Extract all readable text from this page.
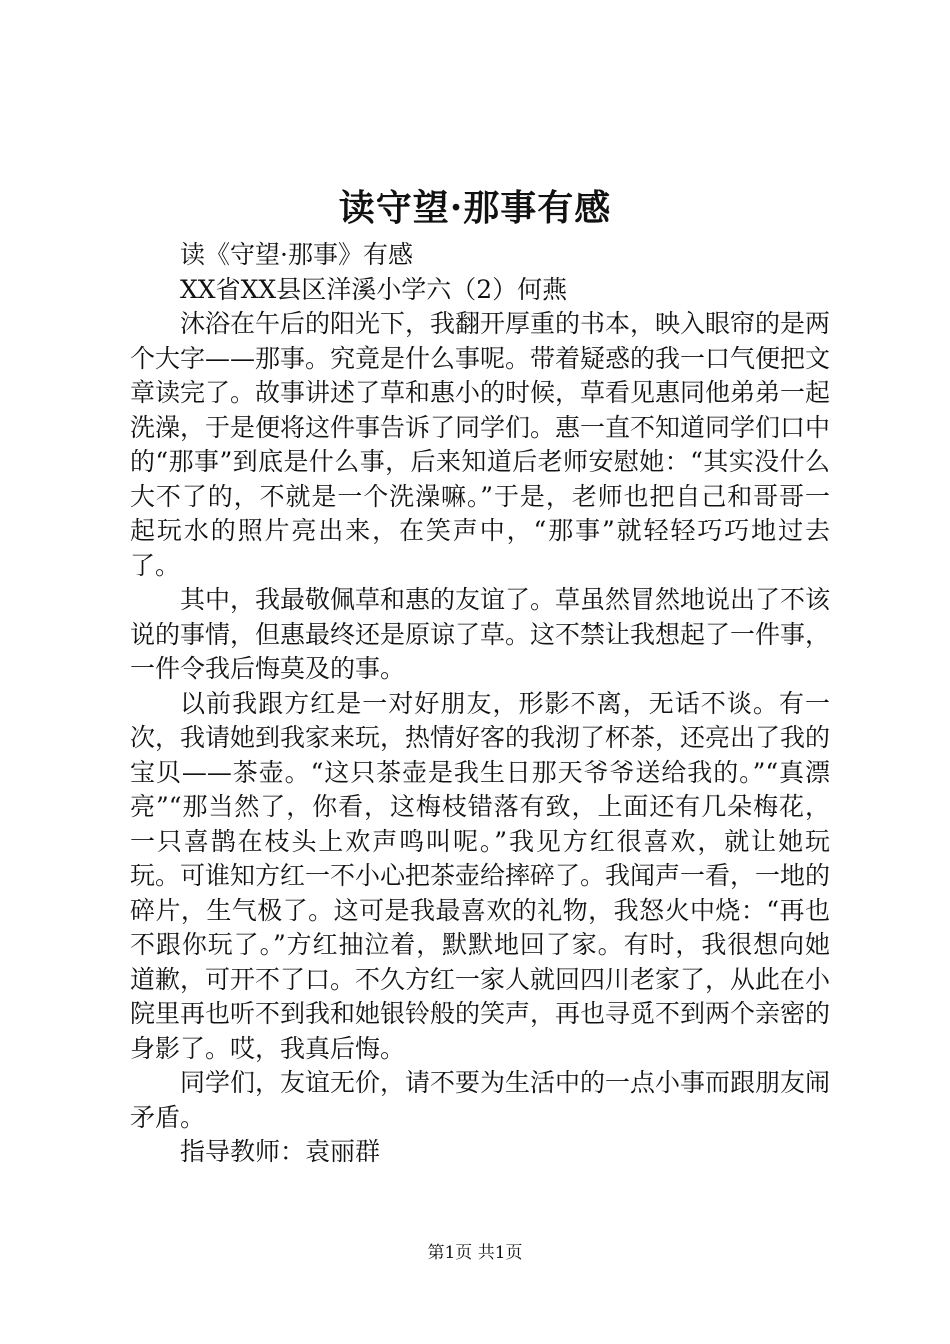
读守望·那事有感

读《守望·那事》有感

XX省XX县区洋溪小学六（2）何燕

沐浴在午后的阳光下，我翻开厚重的书本，映入眼帘的是两个大字——那事。究竟是什么事呢。带着疑惑的我一口气便把文章读完了。故事讲述了草和惠小的时候，草看见惠同他弟弟一起洗澡，于是便将这件事告诉了同学们。惠一直不知道同学们口中的“那事”到底是什么事，后来知道后老师安慰她：“其实没什么大不了的，不就是一个洗澡嘛。”于是，老师也把自己和哥哥一起玩水的照片亮出来，在笑声中，“那事”就轻轻巧巧地过去了。

其中，我最敬佩草和惠的友谊了。草虽然冒然地说出了不该说的事情，但惠最终还是原谅了草。这不禁让我想起了一件事，一件令我后悔莫及的事。

以前我跟方红是一对好朋友，形影不离，无话不谈。有一次，我请她到我家来玩，热情好客的我沏了杯茶，还亮出了我的宝贝——茶壶。“这只茶壶是我生日那天爷爷送给我的。”“真漂亮”“那当然了，你看，这梅枝错落有致，上面还有几朵梅花，一只喜鹊在枝头上欢声鸣叫呢。”我见方红很喜欢，就让她玩玩。可谁知方红一不小心把茶壶给摔碎了。我闻声一看，一地的碎片，生气极了。这可是我最喜欢的礼物，我怒火中烧：“再也不跟你玩了。”方红抽泣着，默默地回了家。有时，我很想向她道歉，可开不了口。不久方红一家人就回四川老家了，从此在小院里再也听不到我和她银铃般的笑声，再也寻觅不到两个亲密的身影了。哎，我真后悔。

同学们，友谊无价，请不要为生活中的一点小事而跟朋友闹矛盾。

指导教师：袁丽群

第1页 共1页
